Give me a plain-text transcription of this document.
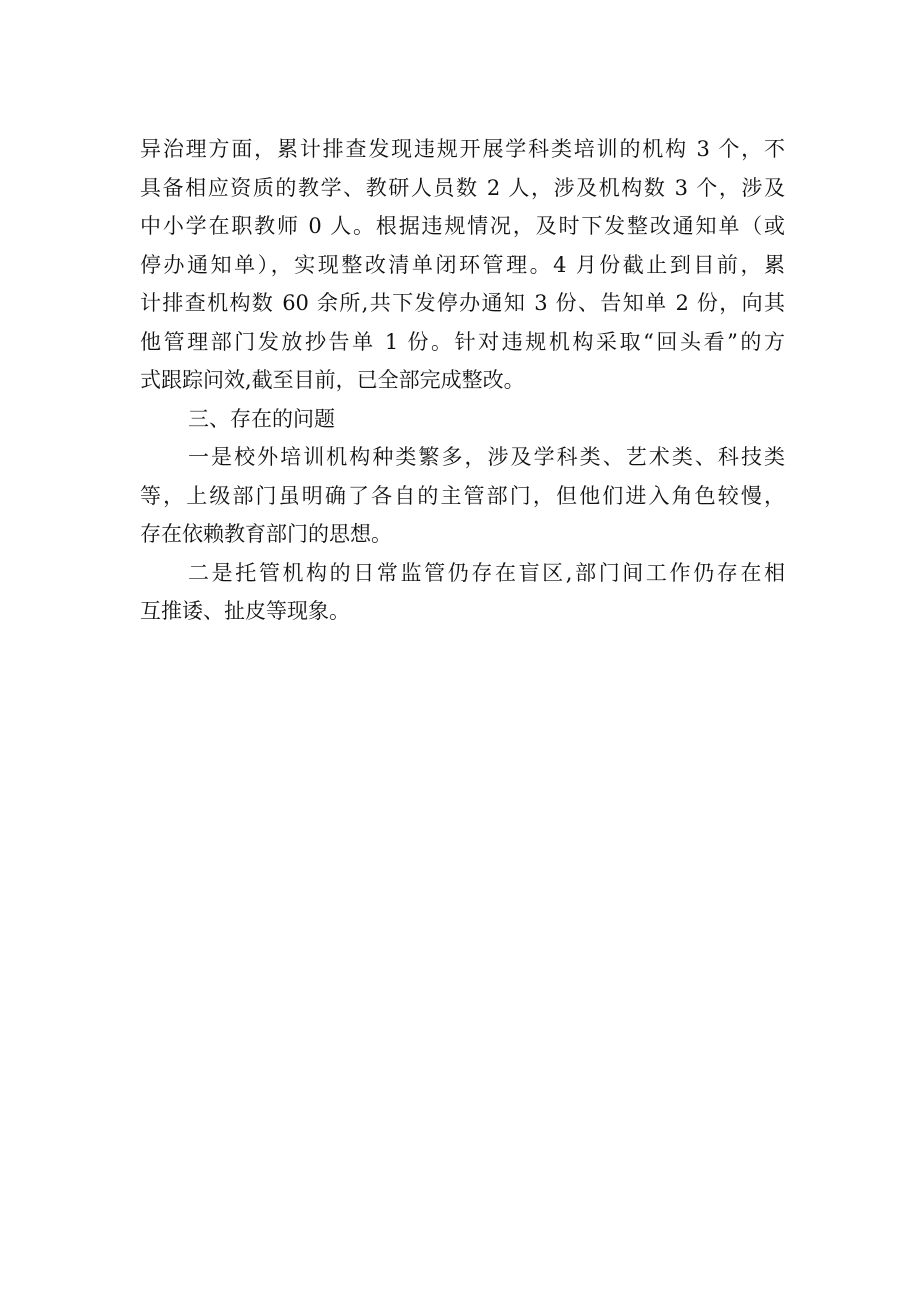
异治理方面，累计排查发现违规开展学科类培训的机构 3 个，不
具备相应资质的教学、教研人员数 2 人，涉及机构数 3 个，涉及
中小学在职教师 0 人。根据违规情况，及时下发整改通知单（或
停办通知单），实现整改清单闭环管理。4 月份截止到目前，累
计排查机构数 60 余所,共下发停办通知 3 份、告知单 2 份，向其
他管理部门发放抄告单 1 份。针对违规机构采取“回头看”的方
式跟踪问效,截至目前，已全部完成整改。
三、存在的问题
一是校外培训机构种类繁多，涉及学科类、艺术类、科技类
等，上级部门虽明确了各自的主管部门，但他们进入角色较慢，
存在依赖教育部门的思想。
二是托管机构的日常监管仍存在盲区,部门间工作仍存在相
互推诿、扯皮等现象。
